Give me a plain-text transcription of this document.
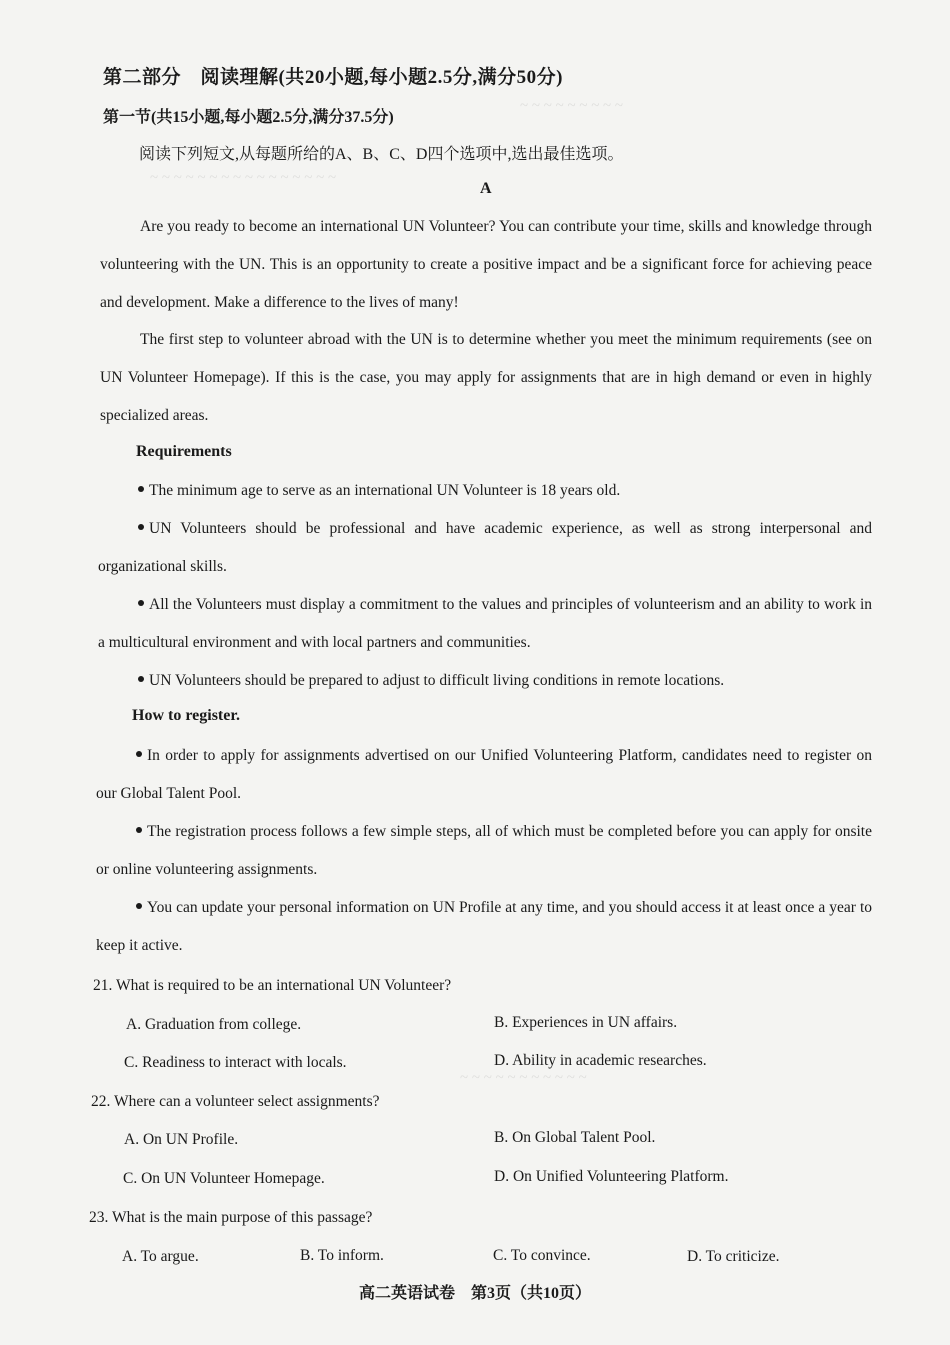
~ ~ ~ ~ ~ ~ ~ ~ ~
~ ~ ~ ~ ~ ~ ~ ~ ~ ~ ~ ~ ~ ~ ~ ~
~ ~ ~ ~ ~ ~ ~ ~ ~ ~ ~
第二部分　阅读理解(共20小题,每小题2.5分,满分50分)
第一节(共15小题,每小题2.5分,满分37.5分)
阅读下列短文,从每题所给的A、B、C、D四个选项中,选出最佳选项。
A
Are you ready to become an international UN Volunteer? You can contribute your time, skills and knowledge through volunteering with the UN. This is an opportunity to create a positive impact and be a significant force for achieving peace and development. Make a difference to the lives of many!
The first step to volunteer abroad with the UN is to determine whether you meet the minimum requirements (see on UN Volunteer Homepage). If this is the case, you may apply for assignments that are in high demand or even in highly specialized areas.
Requirements
The minimum age to serve as an international UN Volunteer is 18 years old.
UN Volunteers should be professional and have academic experience, as well as strong interpersonal and organizational skills.
All the Volunteers must display a commitment to the values and principles of volunteerism and an ability to work in a multicultural environment and with local partners and communities.
UN Volunteers should be prepared to adjust to difficult living conditions in remote locations.
How to register.
In order to apply for assignments advertised on our Unified Volunteering Platform, candidates need to register on our Global Talent Pool.
The registration process follows a few simple steps, all of which must be completed before you can apply for onsite or online volunteering assignments.
You can update your personal information on UN Profile at any time, and you should access it at least once a year to keep it active.
21. What is required to be an international UN Volunteer?
A. Graduation from college.	B. Experiences in UN affairs.
C. Readiness to interact with locals.	D. Ability in academic researches.
22. Where can a volunteer select assignments?
A. On UN Profile.	B. On Global Talent Pool.
C. On UN Volunteer Homepage.	D. On Unified Volunteering Platform.
23. What is the main purpose of this passage?
A. To argue.	B. To inform.	C. To convince.	D. To criticize.
高二英语试卷　第3页（共10页）
